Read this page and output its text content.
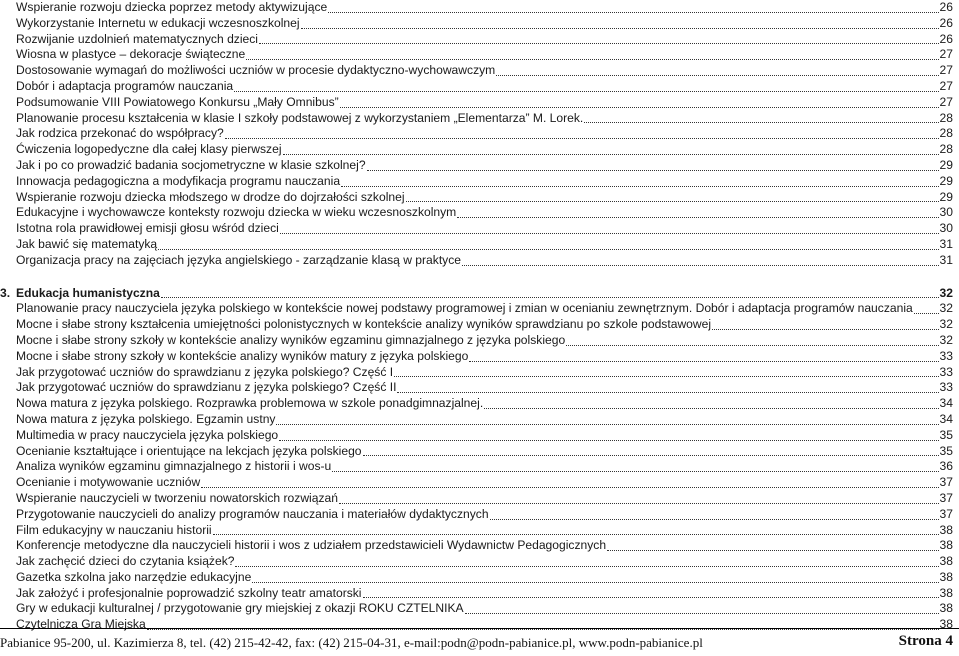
Wspieranie rozwoju dziecka poprzez metody aktywizujące	26
Wykorzystanie Internetu w edukacji wczesnoszkolnej	26
Rozwijanie uzdolnień matematycznych dzieci	26
Wiosna w plastyce – dekoracje świąteczne	27
Dostosowanie wymagań do możliwości uczniów w procesie dydaktyczno-wychowawczym	27
Dobór i adaptacja programów nauczania	27
Podsumowanie VIII Powiatowego Konkursu „Mały Omnibus”	27
Planowanie procesu kształcenia w klasie I szkoły podstawowej z wykorzystaniem „Elementarza” M. Lorek.	28
Jak rodzica przekonać do współpracy?	28
Ćwiczenia logopedyczne dla całej klasy pierwszej	28
Jak i po co prowadzić badania socjometryczne w klasie szkolnej?	29
Innowacja pedagogiczna a modyfikacja programu nauczania	29
Wspieranie rozwoju dziecka młodszego w drodze do dojrzałości szkolnej	29
Edukacyjne i wychowawcze konteksty rozwoju dziecka w wieku wczesnoszkolnym	30
Istotna rola prawidłowej emisji głosu wśród dzieci	30
Jak bawić się matematyką	31
Organizacja pracy na zajęciach języka angielskiego - zarządzanie klasą w praktyce	31
3. Edukacja humanistyczna	32
Planowanie pracy nauczyciela języka polskiego w kontekście nowej podstawy programowej i zmian w ocenianiu zewnętrznym. Dobór i adaptacja programów nauczania 32
Mocne i słabe strony kształcenia umiejętności polonistycznych w kontekście analizy wyników sprawdzianu po szkole podstawowej	32
Mocne i słabe strony szkoły w kontekście analizy wyników egzaminu gimnazjalnego z języka polskiego	32
Mocne i słabe strony szkoły w kontekście analizy wyników matury z języka polskiego	33
Jak przygotować uczniów do sprawdzianu z języka polskiego? Część I	33
Jak przygotować uczniów do sprawdzianu z języka polskiego? Część II	33
Nowa matura z języka polskiego. Rozprawka problemowa w szkole ponadgimnazjalnej.	34
Nowa matura z języka polskiego. Egzamin ustny	34
Multimedia w pracy nauczyciela języka polskiego	35
Ocenianie kształtujące i orientujące na lekcjach języka polskiego	35
Analiza wyników egzaminu gimnazjalnego z historii i wos-u	36
Ocenianie i motywowanie uczniów	37
Wspieranie nauczycieli w tworzeniu nowatorskich rozwiązań	37
Przygotowanie nauczycieli do analizy programów nauczania i materiałów dydaktycznych	37
Film edukacyjny w nauczaniu historii	38
Konferencje metodyczne dla nauczycieli historii i wos z udziałem przedstawicieli Wydawnictw Pedagogicznych	38
Jak zachęcić dzieci do czytania książek?	38
Gazetka szkolna jako narzędzie edukacyjne	38
Jak założyć i profesjonalnie poprowadzić szkolny teatr amatorski	38
Gry w edukacji kulturalnej / przygotowanie gry miejskiej z okazji ROKU CZTELNIKA	38
Czytelnicza Gra Miejska	38
Pabianice 95-200, ul. Kazimierza 8, tel. (42) 215-42-42, fax: (42) 215-04-31, e-mail:podn@podn-pabianice.pl, www.podn-pabianice.pl	Strona 4
